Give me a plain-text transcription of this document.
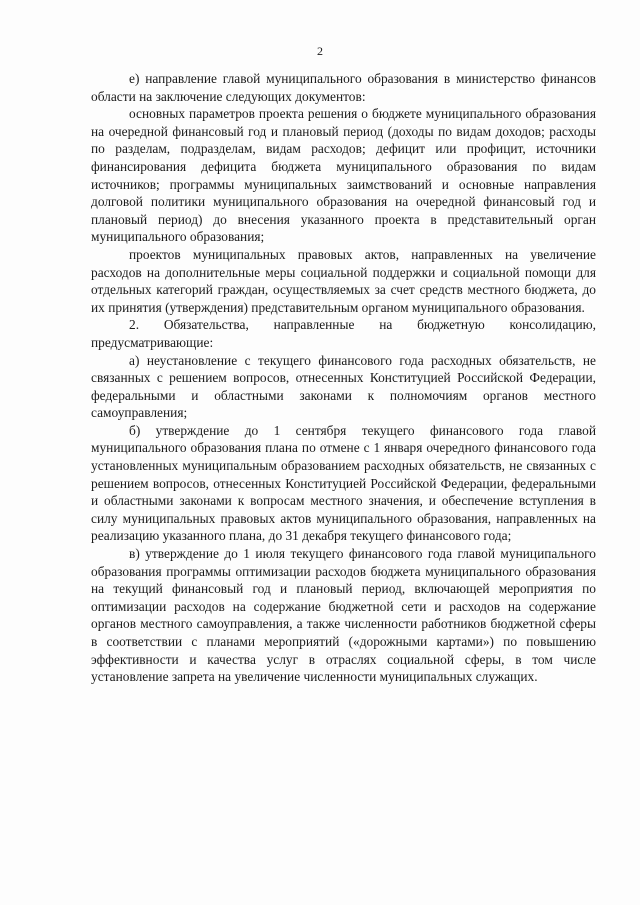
2

е) направление главой муниципального образования в министерство финансов области на заключение следующих документов:

основных параметров проекта решения о бюджете муниципального образования на очередной финансовый год и плановый период (доходы по видам доходов; расходы по разделам, подразделам, видам расходов; дефицит или профицит, источники финансирования дефицита бюджета муниципального образования по видам источников; программы муниципальных заимствований и основные направления долговой политики муниципального образования на очередной финансовый год и плановый период) до внесения указанного проекта в представительный орган муниципального образования;

проектов муниципальных правовых актов, направленных на увеличение расходов на дополнительные меры социальной поддержки и социальной помощи для отдельных категорий граждан, осуществляемых за счет средств местного бюджета, до их принятия (утверждения) представительным органом муниципального образования.

2. Обязательства, направленные на бюджетную консолидацию, предусматривающие:

а) неустановление с текущего финансового года расходных обязательств, не связанных с решением вопросов, отнесенных Конституцией Российской Федерации, федеральными и областными законами к полномочиям органов местного самоуправления;

б) утверждение до 1 сентября текущего финансового года главой муниципального образования плана по отмене с 1 января очередного финансового года установленных муниципальным образованием расходных обязательств, не связанных с решением вопросов, отнесенных Конституцией Российской Федерации, федеральными и областными законами к вопросам местного значения, и обеспечение вступления в силу муниципальных правовых актов муниципального образования, направленных на реализацию указанного плана, до 31 декабря текущего финансового года;

в) утверждение до 1 июля текущего финансового года главой муниципального образования программы оптимизации расходов бюджета муниципального образования на текущий финансовый год и плановый период, включающей мероприятия по оптимизации расходов на содержание бюджетной сети и расходов на содержание органов местного самоуправления, а также численности работников бюджетной сферы в соответствии с планами мероприятий («дорожными картами») по повышению эффективности и качества услуг в отраслях социальной сферы, в том числе установление запрета на увеличение численности муниципальных служащих.
